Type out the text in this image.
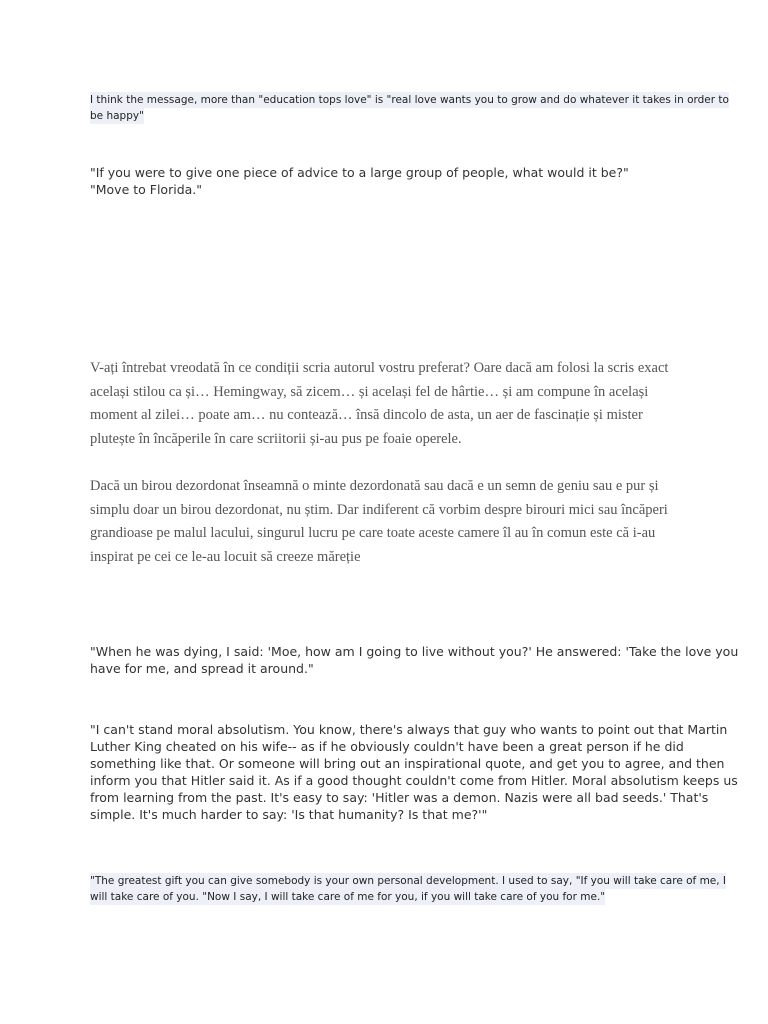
I think the message, more than "education tops love" is "real love wants you to grow and do whatever it takes in order to
be happy"
"If you were to give one piece of advice to a large group of people, what would it be?"
"Move to Florida."
V-ați întrebat vreodată în ce condiții scria autorul vostru preferat? Oare dacă am folosi la scris exact
același stilou ca și… Hemingway, să zicem… și același fel de hârtie… și am compune în același
moment al zilei… poate am… nu contează… însă dincolo de asta, un aer de fascinație și mister
plutește în încăperile în care scriitorii și-au pus pe foaie operele.
Dacă un birou dezordonat înseamnă o minte dezordonată sau dacă e un semn de geniu sau e pur și
simplu doar un birou dezordonat, nu știm. Dar indiferent că vorbim despre birouri mici sau încăperi
grandioase pe malul lacului, singurul lucru pe care toate aceste camere îl au în comun este că i-au
inspirat pe cei ce le-au locuit să creeze măreție
"When he was dying, I said: 'Moe, how am I going to live without you?' He answered: 'Take the love you
have for me, and spread it around."
"I can't stand moral absolutism. You know, there's always that guy who wants to point out that Martin
Luther King cheated on his wife-- as if he obviously couldn't have been a great person if he did
something like that. Or someone will bring out an inspirational quote, and get you to agree, and then
inform you that Hitler said it. As if a good thought couldn't come from Hitler. Moral absolutism keeps us
from learning from the past. It's easy to say: 'Hitler was a demon. Nazis were all bad seeds.' That's
simple. It's much harder to say: 'Is that humanity? Is that me?'"
"The greatest gift you can give somebody is your own personal development. I used to say, "If you will take care of me, I will take care of you. "Now I say, I will take care of me for you, if you will take care of you for me."
